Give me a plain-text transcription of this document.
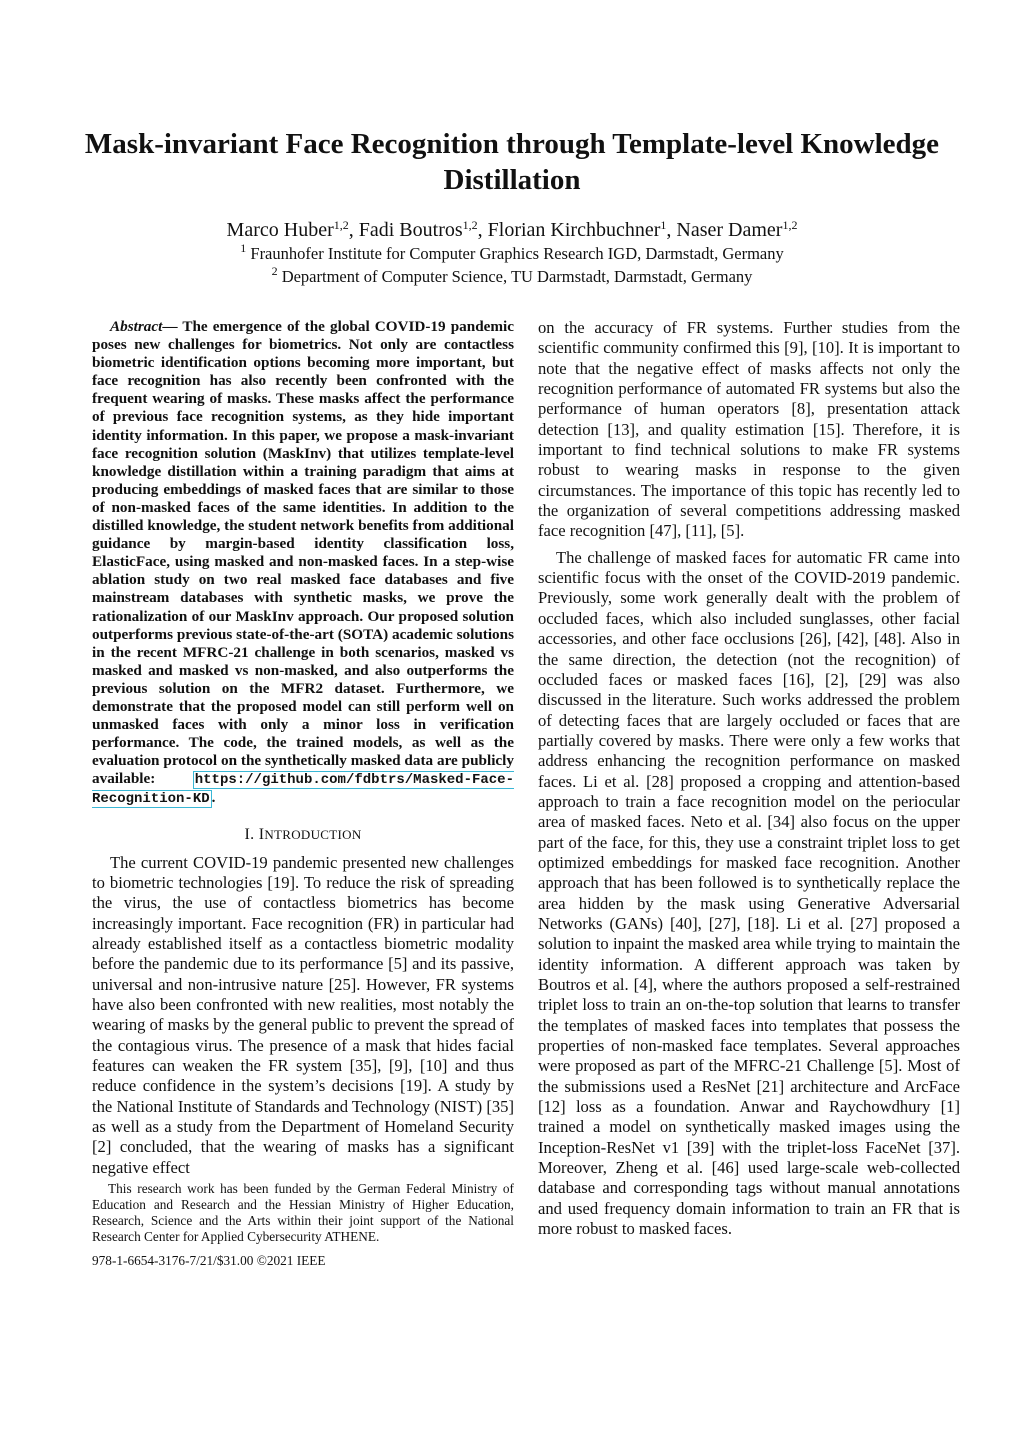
Mask-invariant Face Recognition through Template-level Knowledge Distillation
Marco Huber$^{1,2}$, Fadi Boutros$^{1,2}$, Florian Kirchbuchner$^1$, Naser Damer$^{1,2}$
$^1$ Fraunhofer Institute for Computer Graphics Research IGD, Darmstadt, Germany
$^2$ Department of Computer Science, TU Darmstadt, Darmstadt, Germany

Abstract— The emergence of the global COVID-19 pandemic poses new challenges for biometrics. Not only are contactless biometric identification options becoming more important, but face recognition has also recently been confronted with the frequent wearing of masks. These masks affect the performance of previous face recognition systems, as they hide important identity information. In this paper, we propose a mask-invariant face recognition solution (MaskInv) that utilizes template-level knowledge distillation within a training paradigm that aims at producing embeddings of masked faces that are similar to those of non-masked faces of the same identities. In addition to the distilled knowledge, the student network benefits from additional guidance by margin-based identity classification loss, ElasticFace, using masked and non-masked faces. In a step-wise ablation study on two real masked face databases and five mainstream databases with synthetic masks, we prove the rationalization of our MaskInv approach. Our proposed solution outperforms previous state-of-the-art (SOTA) academic solutions in the recent MFRC-21 challenge in both scenarios, masked vs masked and masked vs non-masked, and also outperforms the previous solution on the MFR2 dataset. Furthermore, we demonstrate that the proposed model can still perform well on unmasked faces with only a minor loss in verification performance. The code, the trained models, as well as the evaluation protocol on the synthetically masked data are publicly available: https://github.com/fdbtrs/Masked-Face-Recognition-KD .

I. INTRODUCTION

The current COVID-19 pandemic presented new challenges to biometric technologies [19]. To reduce the risk of spreading the virus, the use of contactless biometrics has become increasingly important. Face recognition (FR) in particular had already established itself as a contactless biometric modality before the pandemic due to its performance [5] and its passive, universal and non-intrusive nature [25]. However, FR systems have also been confronted with new realities, most notably the wearing of masks by the general public to prevent the spread of the contagious virus. The presence of a mask that hides facial features can weaken the FR system [35], [9], [10] and thus reduce confidence in the system’s decisions [19]. A study by the National Institute of Standards and Technology (NIST) [35] as well as a study from the Department of Homeland Security [2] concluded, that the wearing of masks has a significant negative effect

This research work has been funded by the German Federal Ministry of Education and Research and the Hessian Ministry of Higher Education, Research, Science and the Arts within their joint support of the National Research Center for Applied Cybersecurity ATHENE.
978-1-6654-3176-7/21/$31.00 ©2021 IEEE

on the accuracy of FR systems. Further studies from the scientific community confirmed this [9], [10]. It is important to note that the negative effect of masks affects not only the recognition performance of automated FR systems but also the performance of human operators [8], presentation attack detection [13], and quality estimation [15]. Therefore, it is important to find technical solutions to make FR systems robust to wearing masks in response to the given circumstances. The importance of this topic has recently led to the organization of several competitions addressing masked face recognition [47], [11], [5].

The challenge of masked faces for automatic FR came into scientific focus with the onset of the COVID-2019 pandemic. Previously, some work generally dealt with the problem of occluded faces, which also included sunglasses, other facial accessories, and other face occlusions [26], [42], [48]. Also in the same direction, the detection (not the recognition) of occluded faces or masked faces [16], [2], [29] was also discussed in the literature. Such works addressed the problem of detecting faces that are largely occluded or faces that are partially covered by masks. There were only a few works that address enhancing the recognition performance on masked faces. Li et al. [28] proposed a cropping and attention-based approach to train a face recognition model on the periocular area of masked faces. Neto et al. [34] also focus on the upper part of the face, for this, they use a constraint triplet loss to get optimized embeddings for masked face recognition. Another approach that has been followed is to synthetically replace the area hidden by the mask using Generative Adversarial Networks (GANs) [40], [27], [18]. Li et al. [27] proposed a solution to inpaint the masked area while trying to maintain the identity information. A different approach was taken by Boutros et al. [4], where the authors proposed a self-restrained triplet loss to train an on-the-top solution that learns to transfer the templates of masked faces into templates that possess the properties of non-masked face templates. Several approaches were proposed as part of the MFRC-21 Challenge [5]. Most of the submissions used a ResNet [21] architecture and ArcFace [12] loss as a foundation. Anwar and Raychowdhury [1] trained a model on synthetically masked images using the Inception-ResNet v1 [39] with the triplet-loss FaceNet [37]. Moreover, Zheng et al. [46] used large-scale web-collected database and corresponding tags without manual annotations and used frequency domain information to train an FR that is more robust to masked faces.
